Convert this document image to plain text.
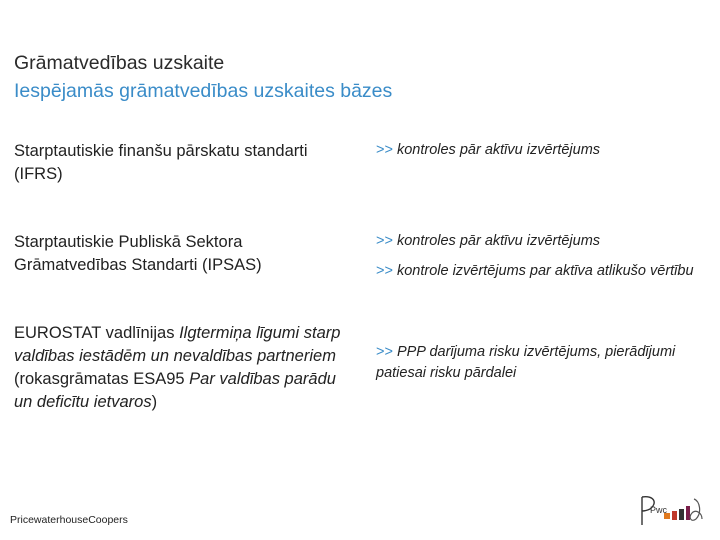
Grāmatvedības uzskaite
Iespējamās grāmatvedības uzskaites bāzes
Starptautiskie finanšu pārskatu standarti (IFRS)

>> kontroles pār aktīvu izvērtējums

Starptautiskie Publiskā Sektora Grāmatvedības Standarti (IPSAS)

>> kontroles pār aktīvu izvērtējums

>> kontrole izvērtējums par aktīva atlikušo vērtību

EUROSTAT vadlīnijas Ilgtermiņa līgumi starp valdības iestādēm un nevaldības partneriem (rokasgrāmatas ESA95 Par valdības parādu un deficītu ietvaros)

>> PPP darījuma risku izvērtējums, pierādījumi patiesai risku pārdalei

PricewaterhouseCoopers
Pwc
